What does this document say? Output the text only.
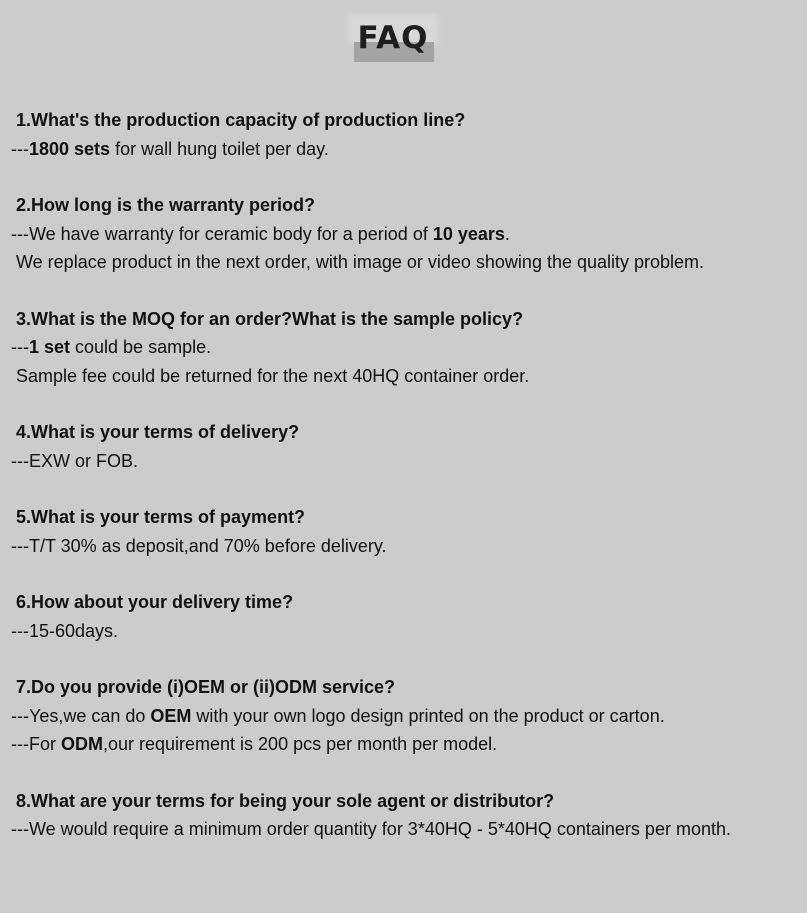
FAQ
1.What's the production capacity of production line?
---1800 sets for wall hung toilet per day.
2.How long is the warranty period?
---We have warranty for ceramic body for a period of 10 years.
We replace product in the next order, with image or video showing the quality problem.
3.What is the MOQ for an order?What is the sample policy?
---1 set could be sample.
Sample fee could be returned for the next 40HQ container order.
4.What is your terms of delivery?
---EXW or FOB.
5.What is your terms of payment?
---T/T 30% as deposit,and 70% before delivery.
6.How about your delivery time?
---15-60days.
7.Do you provide (i)OEM or (ii)ODM service?
---Yes,we can do OEM with your own logo design printed on the product or carton.
---For ODM,our requirement is 200 pcs per month per model.
8.What are your terms for being your sole agent or distributor?
---We would require a minimum order quantity for 3*40HQ - 5*40HQ containers per month.
